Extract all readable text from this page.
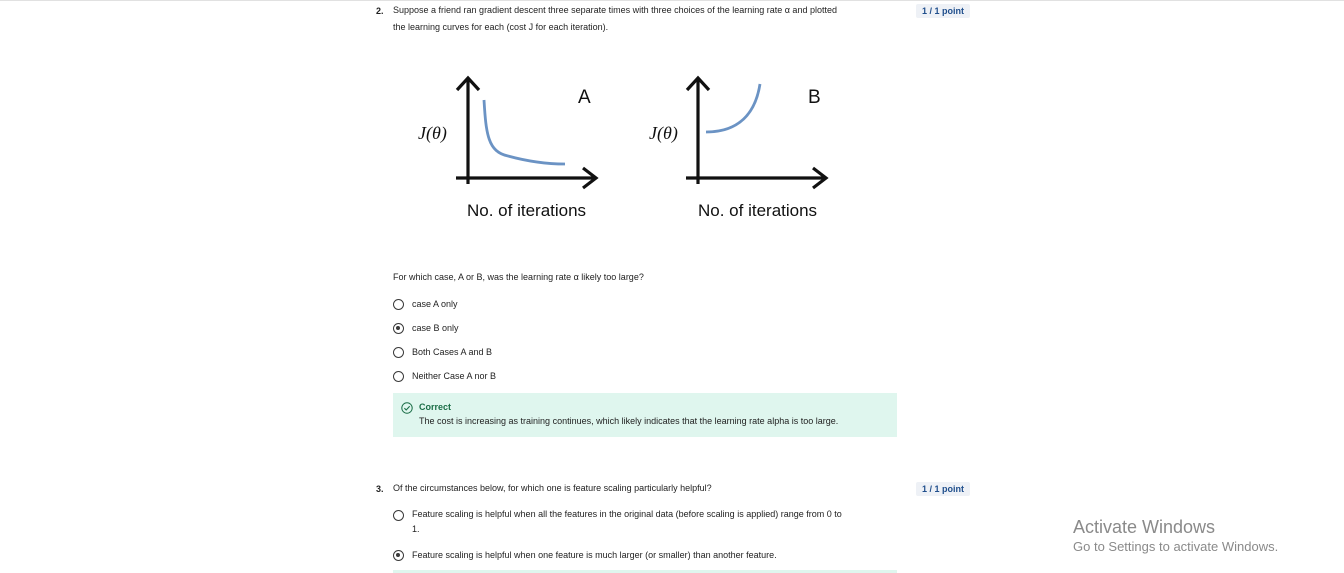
2. Suppose a friend ran gradient descent three separate times with three choices of the learning rate α and plotted
the learning curves for each (cost J for each iteration).
1 / 1 point
A
J(θ)
No. of iterations
B
J(θ)
No. of iterations
For which case, A or B, was the learning rate α likely too large?
case A only
case B only
Both Cases A and B
Neither Case A nor B
Correct
The cost is increasing as training continues, which likely indicates that the learning rate alpha is too large.
3. Of the circumstances below, for which one is feature scaling particularly helpful?	1 / 1 point
Feature scaling is helpful when all the features in the original data (before scaling is applied) range from 0 to
1.
Feature scaling is helpful when one feature is much larger (or smaller) than another feature.
Activate Windows
Go to Settings to activate Windows.
